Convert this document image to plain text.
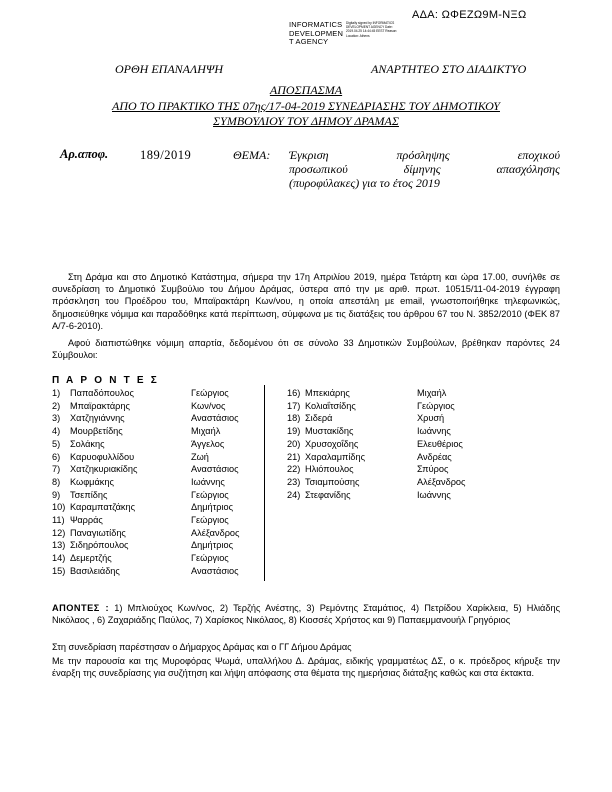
ΑΔΑ: ΩΦΕΖΩ9Μ-ΝΞΩ
INFORMATICS
DEVELOPMEN
T AGENCY
Digitally signed by INFORMATICS DEVELOPMENT AGENCY Date: 2019.04.25 14:44:45 EEST Reason: Location: Athens
ΟΡΘΗ ΕΠΑΝΑΛΗΨΗ	ΑΝΑΡΤΗΤΕΟ ΣΤΟ ΔΙΑΔΙΚΤΥΟ
ΑΠΟΣΠΑΣΜΑ
ΑΠΟ ΤΟ ΠΡΑΚΤΙΚΟ ΤΗΣ 07ης/17-04-2019 ΣΥΝΕΔΡΙΑΣΗΣ ΤΟΥ ΔΗΜΟΤΙΚΟΥ
ΣΥΜΒΟΥΛΙΟΥ ΤΟΥ ΔΗΜΟΥ ΔΡΑΜΑΣ
Αρ.αποφ.	189/2019	ΘΕΜΑ: Έγκριση πρόσληψης εποχικού
προσωπικού δίμηνης απασχόλησης
(πυροφύλακες) για το έτος 2019
Στη Δράμα και στο Δημοτικό Κατάστημα, σήμερα την 17η Απριλίου 2019, ημέρα Τετάρτη και ώρα 17.00, συνήλθε σε συνεδρίαση το Δημοτικό Συμβούλιο του Δήμου Δράμας, ύστερα από την με αριθ. πρωτ. 10515/11-04-2019 έγγραφη πρόσκληση του Προέδρου του, Μπαϊρακτάρη Κων/νου, η οποία απεστάλη με email, γνωστοποιήθηκε τηλεφωνικώς, δημοσιεύθηκε νόμιμα και παραδόθηκε κατά περίπτωση, σύμφωνα με τις διατάξεις του άρθρου 67 του Ν. 3852/2010 (ΦΕΚ 87 Α/7-6-2010).
Αφού διαπιστώθηκε νόμιμη απαρτία, δεδομένου ότι σε σύνολο 33 Δημοτικών Συμβούλων, βρέθηκαν παρόντες 24 Σύμβουλοι:
Π Α Ρ Ο Ν Τ Ε Σ
1) Παπαδόπουλος	Γεώργιος
2) Μπαϊρακτάρης	Κων/νος
3) Χατζηγιάννης	Αναστάσιος
4) Μουρβετίδης	Μιχαήλ
5) Σολάκης	Άγγελος
6) Καρυοφυλλίδου	Ζωή
7) Χατζηκυριακίδης	Αναστάσιος
8) Κωφμάκης	Ιωάννης
9) Τσεπίδης	Γεώργιος
10) Καραμπατζάκης	Δημήτριος
11) Ψαρράς	Γεώργιος
12) Παναγιωτίδης	Αλέξανδρος
13) Σιδηρόπουλος	Δημήτριος
14) Δεμερτζής	Γεώργιος
15) Βασιλειάδης	Αναστάσιος
16) Μπεκιάρης	Μιχαήλ
17) Κολιαΐτσίδης	Γεώργιος
18) Σιδερά	Χρυσή
19) Μυστακίδης	Ιωάννης
20) Χρυσοχοΐδης	Ελευθέριος
21) Χαραλαμπίδης	Ανδρέας
22) Ηλιόπουλος	Σπύρος
23) Τσιαμπούσης	Αλέξανδρος
24) Στεφανίδης	Ιωάννης
ΑΠΟΝΤΕΣ : 1) Μπλιούχος Κων/νος, 2) Τερζής Ανέστης, 3) Ρεμόντης Σταμάτιος, 4) Πετρίδου Χαρίκλεια, 5) Ηλιάδης Νικόλαος , 6) Ζαχαριάδης Παύλος, 7) Χαρίσκος Νικόλαος, 8) Κιοσσές Χρήστος και 9) Παπαεμμανουήλ Γρηγόριος
Στη συνεδρίαση παρέστησαν ο Δήμαρχος Δράμας και ο ΓΓ Δήμου Δράμας
Με την παρουσία και της Μυροφόρας Ψωμά, υπαλλήλου Δ. Δράμας, ειδικής γραμματέως ΔΣ, ο κ. πρόεδρος κήρυξε την έναρξη της συνεδρίασης για συζήτηση και λήψη απόφασης στα θέματα της ημερήσιας διάταξης καθώς και στα έκτακτα.
